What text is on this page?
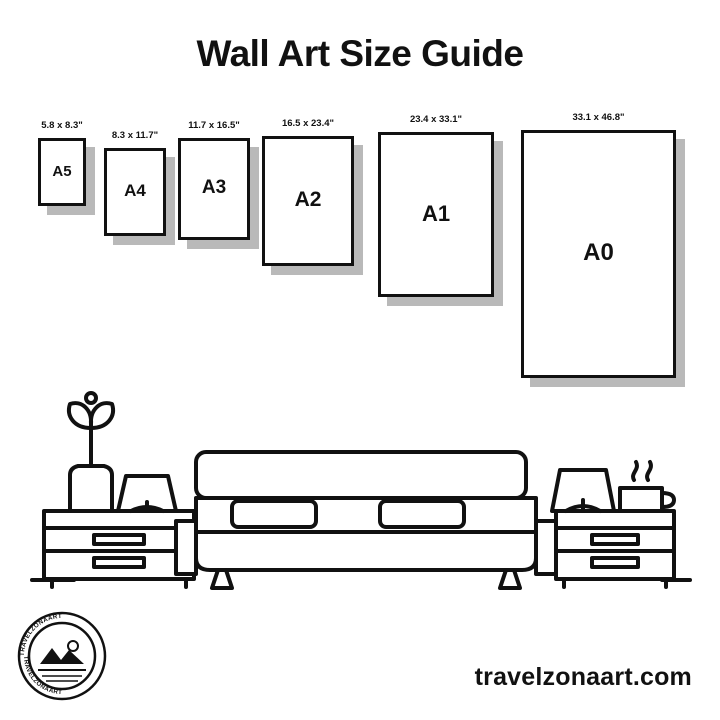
Wall Art Size Guide
5.8 x 8.3"
A5
8.3 x 11.7"
A4
11.7 x 16.5"
A3
16.5 x 23.4"
A2
23.4 x 33.1"
A1
33.1 x 46.8"
A0
TRAVELZONAART
TRAVELZONAART
travelzonaart.com
